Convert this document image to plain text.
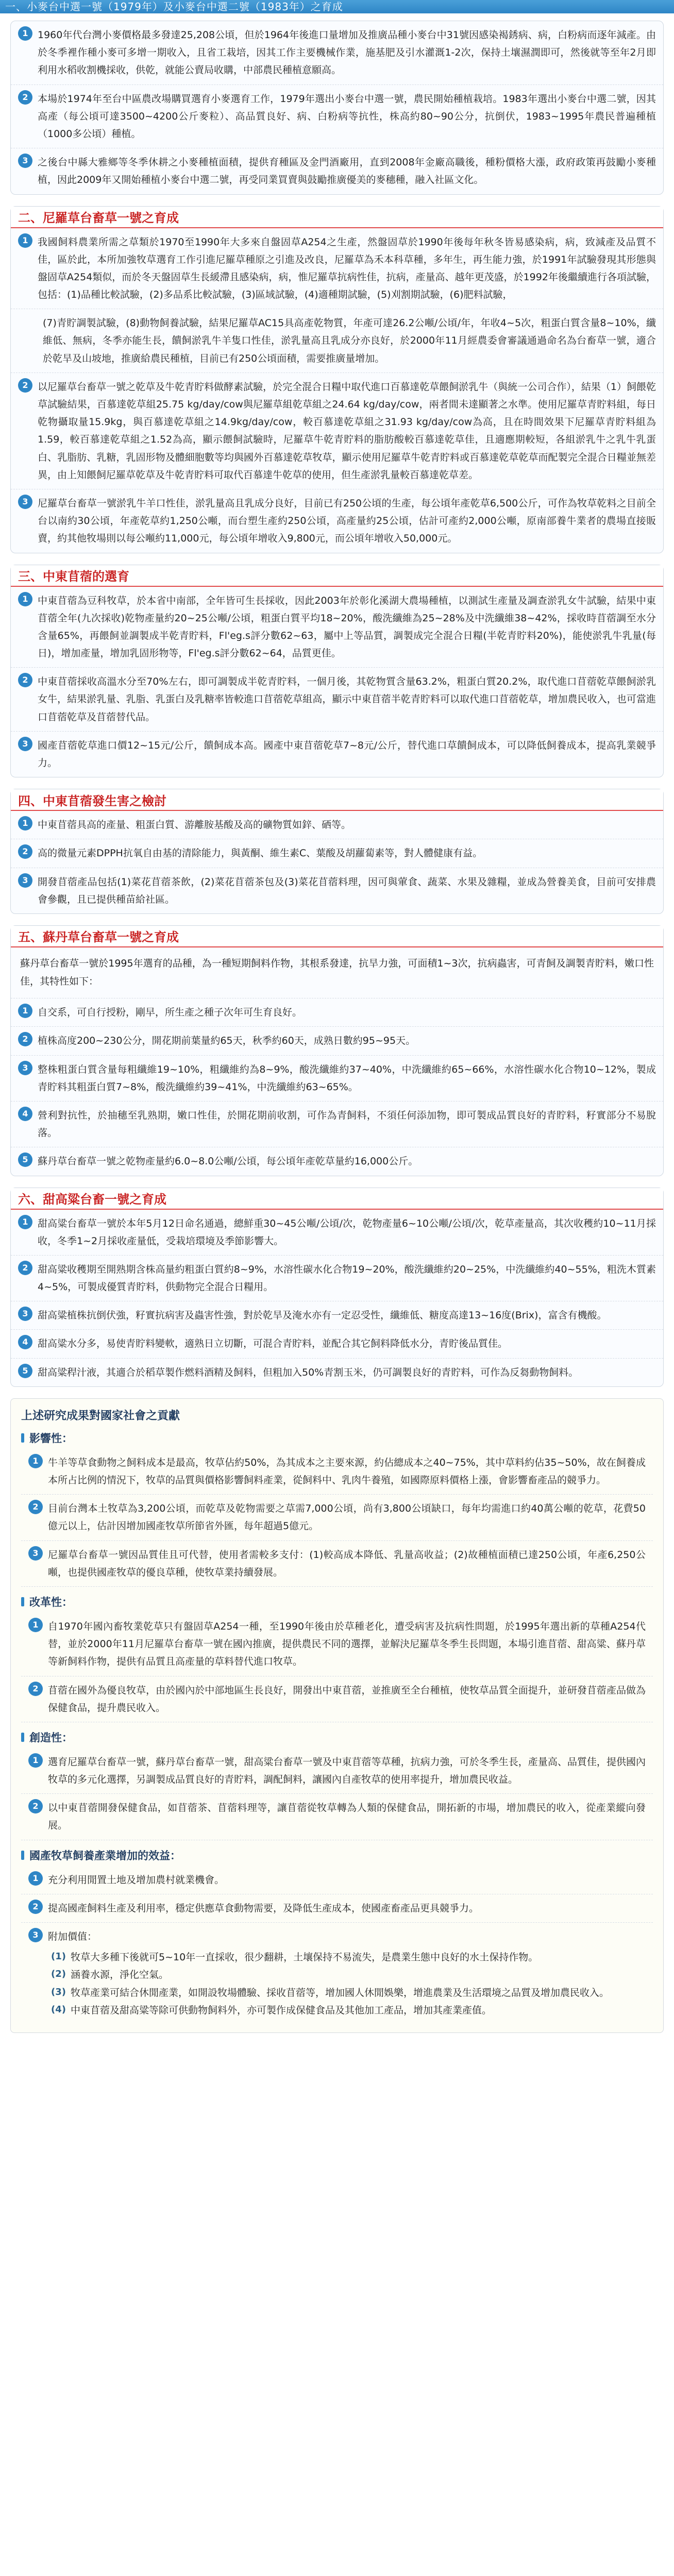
一、小麥台中選一號（1979年）及小麥台中選二號（1983年）之育成
1 1960年代台灣小麥價格最多發達25,208公頃，但於1964年後進口量增加及推廣品種小麥台中31號因感染褐銹病、病，白粉病而逐年減產。由於冬季裡作種小麥可多增一期收入，且省工栽培，因其工作主要機械作業，施基肥及引水灌溉1-2次，保持土壤濕潤即可，然後就等至年2月即利用水稻收割機採收，供乾，就能公賣局收購，中部農民種植意願高。
2 本場於1974年至台中區農改場購買選育小麥選育工作，1979年選出小麥台中選一號，農民開始種植栽培。1983年選出小麥台中選二號，因其高產（每公頃可達3500~4200公斤麥粒）、高品質良好、病、白粉病等抗性，株高約80~90公分，抗倒伏，1983~1995年農民普遍種植（1000多公頃）種植。
3 之後台中縣大雅鄉等冬季休耕之小麥種植面積，提供育種區及金門酒廠用，直到2008年金廠高職後，種粉價格大漲，政府政策再鼓勵小麥種植，因此2009年又開始種植小麥台中選二號，再受同業買賣與鼓勵推廣優美的麥穗種，融入社區文化。
二、尼羅草台畜草一號之育成
1 我國飼料農業所需之草類於1970至1990年大多來自盤固草A254之生產，然盤固草於1990年後每年秋冬皆易感染病，病，致減產及品質不佳，區於此，本所加強牧草選育工作引進尼羅草種原之引進及改良，尼羅草為禾本科草種，多年生，再生能力強，於1991年試驗發現其形態與盤固草A254類似，而於冬天盤固草生長緩滯且感染病，病，惟尼羅草抗病性佳，抗病，產量高、越年更茂盛，於1992年後繼續進行各項試驗，包括：(1)品種比較試驗，(2)多品系比較試驗，(3)區域試驗，(4)適種期試驗，(5)刈割期試驗，(6)肥料試驗，
(7)青貯調製試驗，(8)動物飼養試驗，結果尼羅草AC15具高產乾物質，年產可達26.2公噸/公頃/年，年收4~5次，粗蛋白質含量8~10%，纖維低、無病，冬季亦能生長，饋飼淤乳牛羊隻口性佳，淤乳量高且乳成分亦良好，於2000年11月經農委會審議通過命名為台畜草一號，適合於乾旱及山坡地，推廣給農民種植，目前已有250公頃面積，需要推廣量增加。
2 以尼羅草台畜草一號之乾草及牛乾青貯料做酵素試驗，於完全混合日糧中取代進口百慕達乾草餵飼淤乳牛（與統一公司合作），結果（1）飼餵乾草試驗結果，百慕達乾草組25.75 kg/day/cow與尼羅草組乾草組之24.64 kg/day/cow，兩者間未達顯著之水準。使用尼羅草青貯料組，每日乾物攝取量15.9kg，與百慕達乾草組之14.9kg/day/cow，較百慕達乾草組之31.93 kg/day/cow為高，且在時間效果下尼羅草青貯料組為1.59，較百慕達乾草組之1.52為高，顯示餵飼試驗時，尼羅草牛乾青貯料的脂肪酸較百慕達乾草佳，且適應期較短，各組淤乳牛之乳牛乳蛋白、乳脂肪、乳糖，乳固形物及體細胞數等均與國外百慕達乾草牧草，顯示使用尼羅草牛乾青貯料或百慕達乾草乾草而配製完全混合日糧並無差異，由上知餵飼尼羅草乾草及牛乾青貯料可取代百慕達牛乾草的使用，但生產淤乳量較百慕達乾草差。
3 尼羅草台畜草一號淤乳牛羊口性佳，淤乳量高且乳成分良好，目前已有250公頃的生產，每公頃年產乾草6,500公斤，可作為牧草乾料之目前全台以南約30公頃，年產乾草約1,250公噸，而台塑生產約250公頃，高產量約25公頃，估計可產約2,000公噸，原南部養牛業者的農場直接販賣，約其他牧場則以每公噸約11,000元，每公頃年增收入9,800元，而公頃年增收入50,000元。
三、中東苜蓿的選育
1 中東苜蓿為豆科牧草，於本省中南部，全年皆可生長採收，因此2003年於彰化溪湖大農場種植，以測試生產量及調查淤乳女牛試驗，結果中東苜蓿全年(九次採收)乾物產量約20~25公噸/公頃，粗蛋白質平均18~20%，酸洗纖維為25~28%及中洗纖維38~42%，採收時苜蓿調至水分含量65%，再餵飼並調製成半乾青貯料，Fl'eg.s評分數62~63，屬中上等品質，調製成完全混合日糧(半乾青貯料20%)，能使淤乳牛乳量(每日)，增加產量，增加乳固形物等，Fl'eg.s評分數62~64，品質更佳。
2 中東苜蓿採收高溫水分至70%左右，即可調製成半乾青貯料，一個月後，其乾物質含量63.2%，粗蛋白質20.2%，取代進口苜蓿乾草餵飼淤乳女牛，結果淤乳量、乳脂、乳蛋白及乳糖率皆較進口苜蓿乾草組高，顯示中東苜蓿半乾青貯料可以取代進口苜蓿乾草，增加農民收入，也可當進口苜蓿乾草及苜蓿替代品。
3 國產苜蓿乾草進口價12~15元/公斤，饋飼成本高。國產中東苜蓿乾草7~8元/公斤，替代進口草饋飼成本，可以降低飼養成本，提高乳業競爭力。
四、中東苜蓿發生害之檢討
1 中東苜蓿具高的產量、粗蛋白質、游離胺基酸及高的礦物質如鋅、硒等。
2 高的微量元素DPPH抗氧自由基的清除能力，與黃酮、維生素C、葉酸及胡蘿蔔素等，對人體健康有益。
3 開發苜蓿產品包括(1)菜花苜蓿茶飲，(2)菜花苜蓿茶包及(3)菜花苜蓿料理，因可與葷食、蔬菜、水果及雜糧，並成為營養美食，目前可安排農會參觀，且已提供種苗給社區。
五、蘇丹草台畜草一號之育成
蘇丹草台畜草一號於1995年選育的品種，為一種短期飼料作物，其根系發達，抗旱力強，可面積1~3次，抗病蟲害，可青飼及調製青貯料，嫩口性佳，其特性如下：
1 自交系，可自行授粉，剛早，所生產之種子次年可生育良好。
2 植株高度200~230公分，開花期前葉量約65天，秋季約60天，成熟日數約95~95天。
3 整株粗蛋白質含量每粗纖維19~10%，粗纖維約為8~9%，酸洗纖維約37~40%，中洗纖維約65~66%，水溶性碳水化合物10~12%，製成青貯料其粗蛋白質7~8%，酸洗纖維約39~41%，中洗纖維約63~65%。
4 營利對抗性，於抽穗至乳熟期，嫩口性佳，於開花期前收割，可作為青飼料，不須任何添加物，即可製成品質良好的青貯料，籽實部分不易脫落。
5 蘇丹草台畜草一號之乾物產量約6.0~8.0公噸/公頃，每公頃年產乾草量約16,000公斤。
六、甜高粱台畜一號之育成
1 甜高粱台畜草一號於本年5月12日命名通過，總鮮重30~45公噸/公頃/次，乾物產量6~10公噸/公頃/次，乾草產量高，其次收穫約10~11月採收，冬季1~2月採收產量低，受栽培環境及季節影響大。
2 甜高粱收穫期至開熟期含株高量約粗蛋白質約8~9%，水溶性碳水化合物19~20%，酸洗纖維約20~25%，中洗纖維約40~55%，粗洗木質素4~5%，可製成優質青貯料，供動物完全混合日糧用。
3 甜高粱植株抗倒伏強，籽實抗病害及蟲害性強，對於乾旱及淹水亦有一定忍受性，纖維低、糖度高達13~16度(Brix)，富含有機酸。
4 甜高粱水分多，易使青貯料變軟，適熟日立切斷，可混合青貯料，並配合其它飼料降低水分，青貯後品質佳。
5 甜高粱稈汁液，其適合於稻草製作燃料酒精及飼料，但粗加入50%青割玉米，仍可調製良好的青貯料，可作為反芻動物飼料。
上述研究成果對國家社會之貢獻
影響性：
1 牛羊等草食動物之飼料成本是最高，牧草佔約50%，為其成本之主要來源，約佔總成本之40~75%，其中草料約佔35~50%，故在飼養成本所占比例的情況下，牧草的品質與價格影響飼料產業，從飼料中、乳肉牛養殖，如國際原料價格上漲，會影響畜產品的競爭力。
2 目前台灣本土牧草為3,200公頃，而乾草及乾物需要之草需7,000公頃，尚有3,800公頃缺口，每年均需進口約40萬公噸的乾草，花費50億元以上，估計因增加國產牧草所節省外匯，每年超過5億元。
3 尼羅草台畜草一號因品質佳且可代替，使用者需較多支付：(1)較高成本降低、乳量高收益；(2)故種植面積已達250公頃，年產6,250公噸，也提供國產牧草的優良草種，使牧草業持續發展。
改革性：
1 自1970年國內畜牧業乾草只有盤固草A254一種，至1990年後由於草種老化，遭受病害及抗病性問題，於1995年選出新的草種A254代替，並於2000年11月尼羅草台畜草一號在國內推廣，提供農民不同的選擇，並解決尼羅草冬季生長問題，本場引進苜蓿、甜高粱、蘇丹草等新飼料作物，提供有品質且高產量的草料替代進口牧草。
2 苜蓿在國外為優良牧草，由於國內於中部地區生長良好，開發出中東苜蓿，並推廣至全台種植，使牧草品質全面提升，並研發苜蓿產品做為保健食品，提升農民收入。
創造性：
1 選育尼羅草台畜草一號，蘇丹草台畜草一號，甜高粱台畜草一號及中東苜蓿等草種，抗病力強，可於冬季生長，產量高、品質佳，提供國內牧草的多元化選擇，另調製成品質良好的青貯料，調配飼料，讓國內自產牧草的使用率提升，增加農民收益。
2 以中東苜蓿開發保健食品，如苜蓿茶、苜蓿料理等，讓苜蓿從牧草轉為人類的保健食品，開拓新的市場，增加農民的收入，從產業縱向發展。
國產牧草飼養產業增加的效益：
1 充分利用閒置土地及增加農村就業機會。
2 提高國產飼料生產及利用率，穩定供應草食動物需要，及降低生產成本，使國產畜產品更具競爭力。
3 附加價值：
(1) 牧草大多種下後就可5~10年一直採收，很少翻耕，土壤保持不易流失，是農業生態中良好的水土保持作物。
(2) 涵養水源，淨化空氣。
(3) 牧草產業可結合休閒產業，如開設牧場體驗、採收苜蓿等，增加國人休閒娛樂，增進農業及生活環境之品質及增加農民收入。
(4) 中東苜蓿及甜高粱等除可供動物飼料外，亦可製作成保健食品及其他加工產品，增加其產業產值。
